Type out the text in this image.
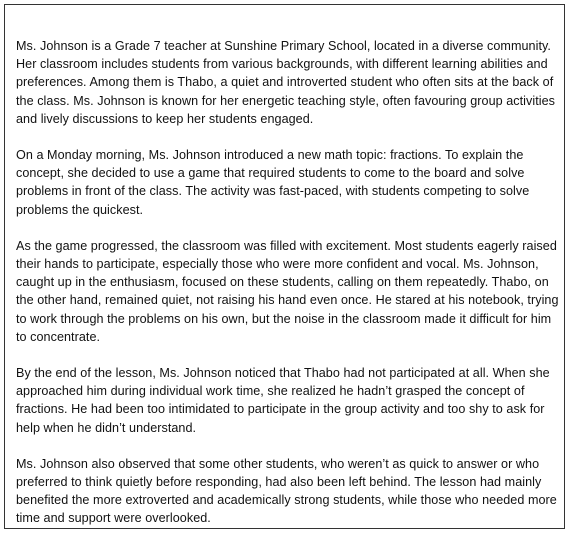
Ms. Johnson is a Grade 7 teacher at Sunshine Primary School, located in a diverse community. Her classroom includes students from various backgrounds, with different learning abilities and preferences. Among them is Thabo, a quiet and introverted student who often sits at the back of the class. Ms. Johnson is known for her energetic teaching style, often favouring group activities and lively discussions to keep her students engaged.

On a Monday morning, Ms. Johnson introduced a new math topic: fractions. To explain the concept, she decided to use a game that required students to come to the board and solve problems in front of the class. The activity was fast-paced, with students competing to solve problems the quickest.

As the game progressed, the classroom was filled with excitement. Most students eagerly raised their hands to participate, especially those who were more confident and vocal. Ms. Johnson, caught up in the enthusiasm, focused on these students, calling on them repeatedly. Thabo, on the other hand, remained quiet, not raising his hand even once. He stared at his notebook, trying to work through the problems on his own, but the noise in the classroom made it difficult for him to concentrate.

By the end of the lesson, Ms. Johnson noticed that Thabo had not participated at all. When she approached him during individual work time, she realized he hadn’t grasped the concept of fractions. He had been too intimidated to participate in the group activity and too shy to ask for help when he didn’t understand.

Ms. Johnson also observed that some other students, who weren’t as quick to answer or who preferred to think quietly before responding, had also been left behind. The lesson had mainly benefited the more extroverted and academically strong students, while those who needed more time and support were overlooked.
